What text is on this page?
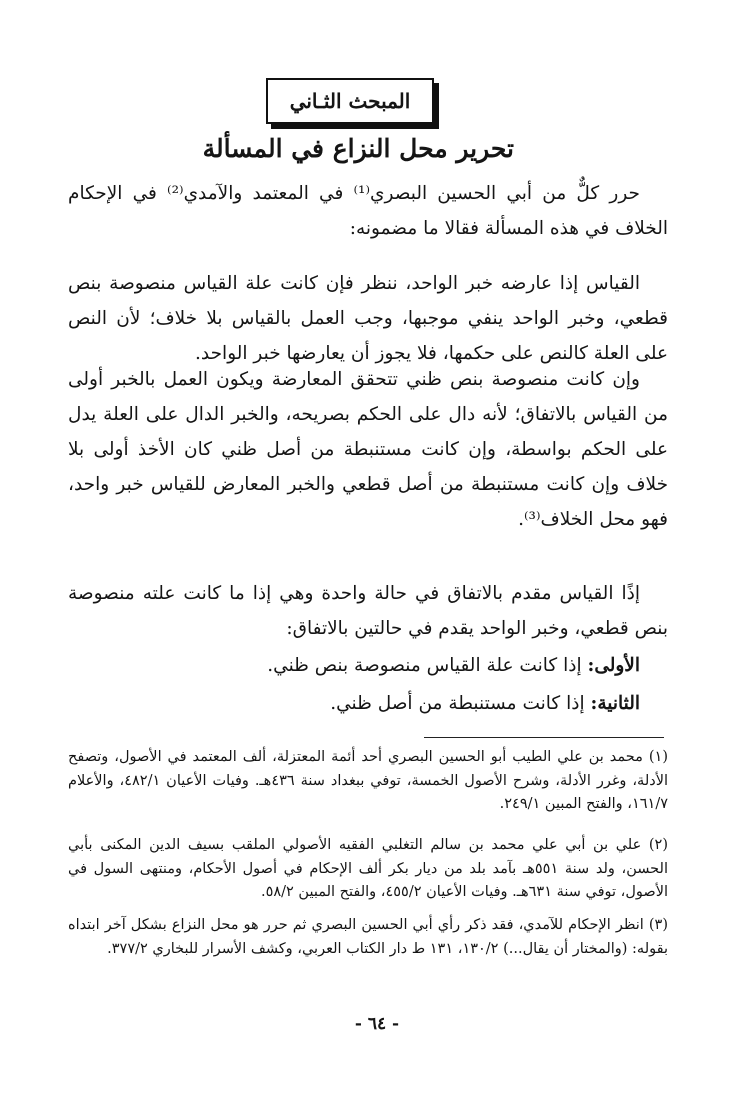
المبحث الثـاني
تحرير محل النزاع في المسألة

حرر كلٌّ من أبي الحسين البصري⁽¹⁾ في المعتمد والآمدي⁽²⁾ في الإحكام الخلاف في هذه المسألة فقالا ما مضمونه:

القياس إذا عارضه خبر الواحد، ننظر فإن كانت علة القياس منصوصة بنص قطعي، وخبر الواحد ينفي موجبها، وجب العمل بالقياس بلا خلاف؛ لأن النص على العلة كالنص على حكمها، فلا يجوز أن يعارضها خبر الواحد.

وإن كانت منصوصة بنص ظني تتحقق المعارضة ويكون العمل بالخبر أولى من القياس بالاتفاق؛ لأنه دال على الحكم بصريحه، والخبر الدال على العلة يدل على الحكم بواسطة، وإن كانت مستنبطة من أصل ظني كان الأخذ أولى بلا خلاف وإن كانت مستنبطة من أصل قطعي والخبر المعارض للقياس خبر واحد، فهو محل الخلاف⁽³⁾.

إذًا القياس مقدم بالاتفاق في حالة واحدة وهي إذا ما كانت علته منصوصة بنص قطعي، وخبر الواحد يقدم في حالتين بالاتفاق:

الأولى: إذا كانت علة القياس منصوصة بنص ظني.
الثانية: إذا كانت مستنبطة من أصل ظني.

(١) محمد بن علي الطيب أبو الحسين البصري أحد أئمة المعتزلة، ألف المعتمد في الأصول، وتصفح الأدلة، وغرر الأدلة، وشرح الأصول الخمسة، توفي ببغداد سنة ٤٣٦هـ. وفيات الأعيان ٤٨٢/١، والأعلام ١٦١/٧، والفتح المبين ٢٤٩/١.

(٢) علي بن أبي علي محمد بن سالم التغلبي الفقيه الأصولي الملقب بسيف الدين المكنى بأبي الحسن، ولد سنة ٥٥١هـ بآمد بلد من ديار بكر ألف الإحكام في أصول الأحكام، ومنتهى السول في الأصول، توفي سنة ٦٣١هـ. وفيات الأعيان ٤٥٥/٢، والفتح المبين ٥٨/٢.

(٣) انظر الإحكام للآمدي، فقد ذكر رأي أبي الحسين البصري ثم حرر هو محل النزاع بشكل آخر ابتداه بقوله: (والمختار أن يقال...) ١٣٠/٢، ١٣١ ط دار الكتاب العربي، وكشف الأسرار للبخاري ٣٧٧/٢.

- ٦٤ -
